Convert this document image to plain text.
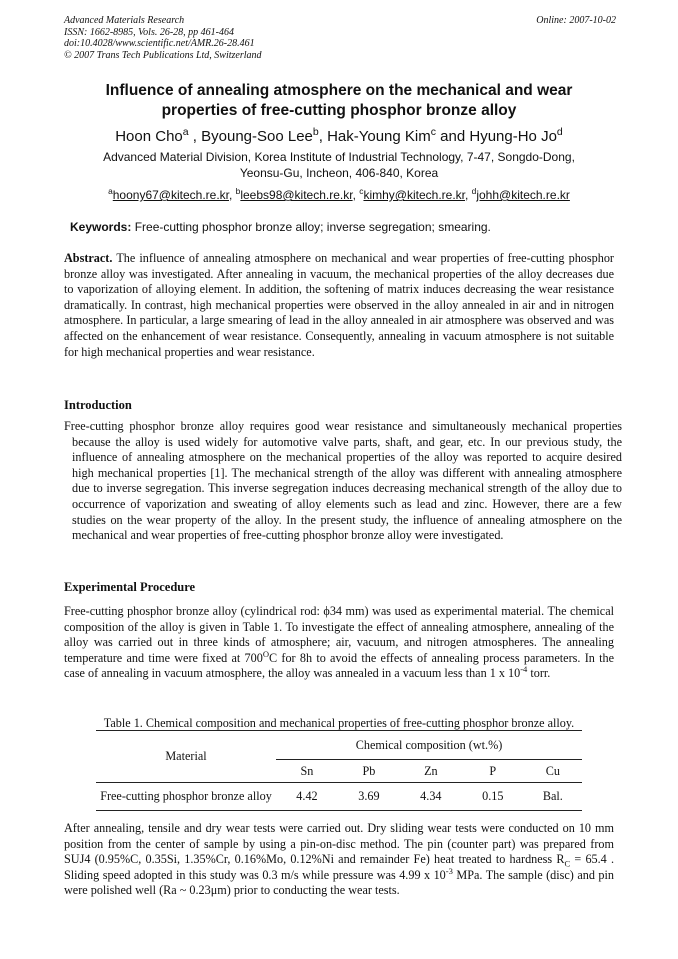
Advanced Materials Research
ISSN: 1662-8985, Vols. 26-28, pp 461-464
doi:10.4028/www.scientific.net/AMR.26-28.461
© 2007 Trans Tech Publications Ltd, Switzerland
Online: 2007-10-02
Influence of annealing atmosphere on the mechanical and wear
properties of free-cutting phosphor bronze alloy
Hoon Cho$^a$ , Byoung-Soo Lee$^b$, Hak-Young Kim$^c$ and Hyung-Ho Jo$^d$
Advanced Material Division, Korea Institute of Industrial Technology, 7-47, Songdo-Dong,
Yeonsu-Gu, Incheon, 406-840, Korea
$^a$hoony67@kitech.re.kr, $^b$leebs98@kitech.re.kr, $^c$kimhy@kitech.re.kr, $^d$johh@kitech.re.kr
Keywords: Free-cutting phosphor bronze alloy; inverse segregation; smearing.
Abstract. The influence of annealing atmosphere on mechanical and wear properties of free-cutting phosphor bronze alloy was investigated. After annealing in vacuum, the mechanical properties of the alloy decreases due to vaporization of alloying element. In addition, the softening of matrix induces decreasing the wear resistance dramatically. In contrast, high mechanical properties were observed in the alloy annealed in air and in nitrogen atmosphere. In particular, a large smearing of lead in the alloy annealed in air atmosphere was observed and was affected on the enhancement of wear resistance. Consequently, annealing in vacuum atmosphere is not suitable for high mechanical properties and wear resistance.
Introduction
Free-cutting phosphor bronze alloy requires good wear resistance and simultaneously mechanical properties because the alloy is used widely for automotive valve parts, shaft, and gear, etc. In our previous study, the influence of annealing atmosphere on the mechanical properties of the alloy was reported to acquire desired high mechanical properties [1]. The mechanical strength of the alloy was different with annealing atmosphere due to inverse segregation. This inverse segregation induces decreasing mechanical strength of the alloy due to occurrence of vaporization and sweating of alloy elements such as lead and zinc. However, there are a few studies on the wear property of the alloy. In the present study, the influence of annealing atmosphere on the mechanical and wear properties of free-cutting phosphor bronze alloy were investigated.
Experimental Procedure
Free-cutting phosphor bronze alloy (cylindrical rod: ϕ34 mm) was used as experimental material. The chemical composition of the alloy is given in Table 1. To investigate the effect of annealing atmosphere, annealing of the alloy was carried out in three kinds of atmosphere; air, vacuum, and nitrogen atmospheres. The annealing temperature and time were fixed at $700^OC$ for 8h to avoid the effects of annealing process parameters. In the case of annealing in vacuum atmosphere, the alloy was annealed in a vacuum less than 1 x $10^{-4}$ torr.
Table 1. Chemical composition and mechanical properties of free-cutting phosphor bronze alloy.
Material	Chemical composition (wt.%)				
	Sn	Pb	Zn	P	Cu
Free-cutting phosphor bronze alloy	4.42	3.69	4.34	0.15	Bal.
After annealing, tensile and dry wear tests were carried out. Dry sliding wear tests were conducted on 10 mm position from the center of sample by using a pin-on-disc method. The pin (counter part) was prepared from SUJ4 (0.95%C, 0.35Si, 1.35%Cr, 0.16%Mo, 0.12%Ni and remainder Fe) heat treated to hardness $R_C = 65.4$ . Sliding speed adopted in this study was 0.3 m/s while pressure was 4.99 x $10^{-3}$ MPa. The sample (disc) and pin were polished well (Ra ~ 0.23μm) prior to conducting the wear tests.
